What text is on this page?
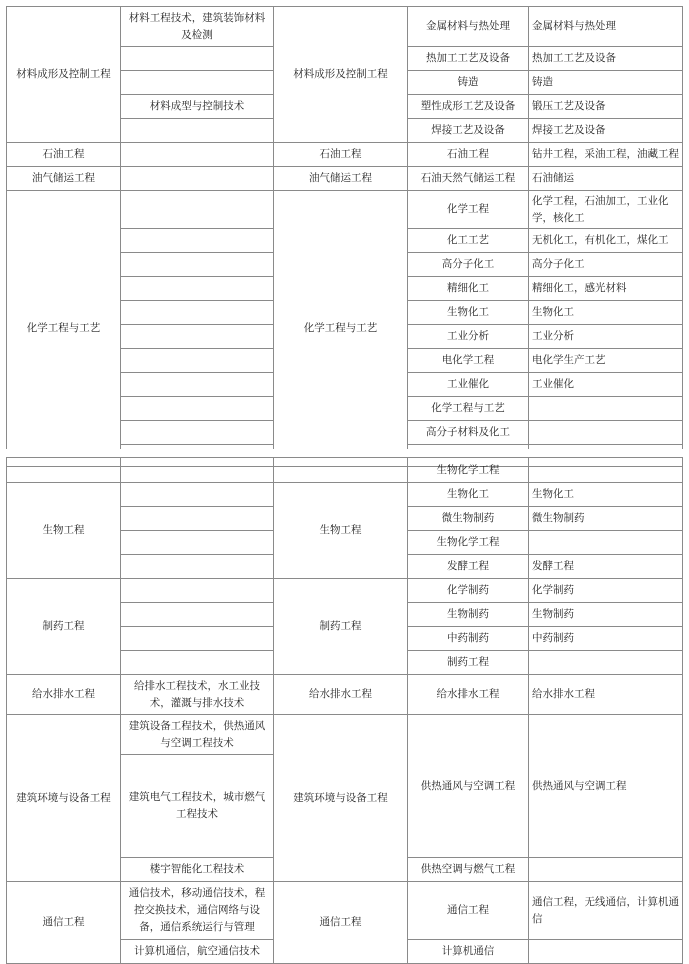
材料成形及控制工程	材料工程技术，建筑装饰材料及检测	材料成形及控制工程	金属材料与热处理	金属材料与热处理
			热加工工艺及设备	热加工工艺及设备
			铸造	铸造
	材料成型与控制技术		塑性成形工艺及设备	锻压工艺及设备
			焊接工艺及设备	焊接工艺及设备
石油工程		石油工程	石油工程	钻井工程，采油工程，油藏工程
油气储运工程		油气储运工程	石油天然气储运工程	石油储运
化学工程与工艺		化学工程与工艺	化学工程	化学工程，石油加工，工业化学，核化工
			化工工艺	无机化工，有机化工，煤化工
			高分子化工	高分子化工
			精细化工	精细化工，感光材料
			生物化工	生物化工
			工业分析	工业分析
			电化学工程	电化学生产工艺
			工业催化	工业催化
			化学工程与工艺	
			高分子材料及化工	

			生物化学工程		
生物工程		生物工程	生物化工	生物化工	
			微生物制药	微生物制药	
			生物化学工程		
			发酵工程	发酵工程	
制药工程		制药工程	化学制药	化学制药	
			生物制药	生物制药	
			中药制药	中药制药	
			制药工程		
给水排水工程	给排水工程技术，水工业技术，灌溉与排水技术	给水排水工程	给水排水工程	给水排水工程	
建筑环境与设备工程	建筑设备工程技术，供热通风与空调工程技术	建筑环境与设备工程	供热通风与空调工程	供热通风与空调工程	
	建筑电气工程技术，城市燃气工程技术		
	楼宇智能化工程技术		供热空调与燃气工程		
通信工程	通信技术，移动通信技术，程控交换技术，通信网络与设备，通信系统运行与管理	通信工程	通信工程	通信工程，无线通信，计算机通信	
	计算机通信，航空通信技术		计算机通信		
